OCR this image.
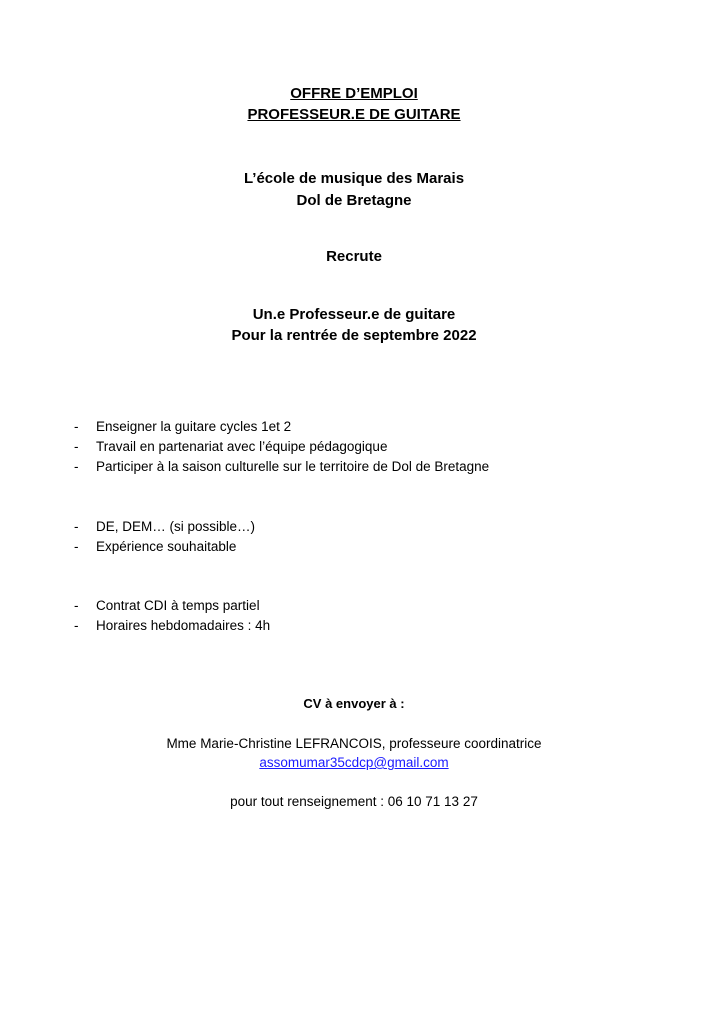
OFFRE D’EMPLOI
PROFESSEUR.E DE GUITARE
L’école de musique des Marais
Dol de Bretagne
Recrute
Un.e Professeur.e de guitare
Pour la rentrée de septembre 2022
- Enseigner la guitare cycles 1et 2
- Travail en partenariat avec l’équipe pédagogique
- Participer à la saison culturelle sur le territoire de Dol de Bretagne
- DE, DEM… (si possible…)
- Expérience souhaitable
- Contrat CDI à temps partiel
- Horaires hebdomadaires : 4h
CV à envoyer à :
Mme Marie-Christine LEFRANCOIS, professeure coordinatrice
assomumar35cdcp@gmail.com
pour tout renseignement : 06 10 71 13 27
